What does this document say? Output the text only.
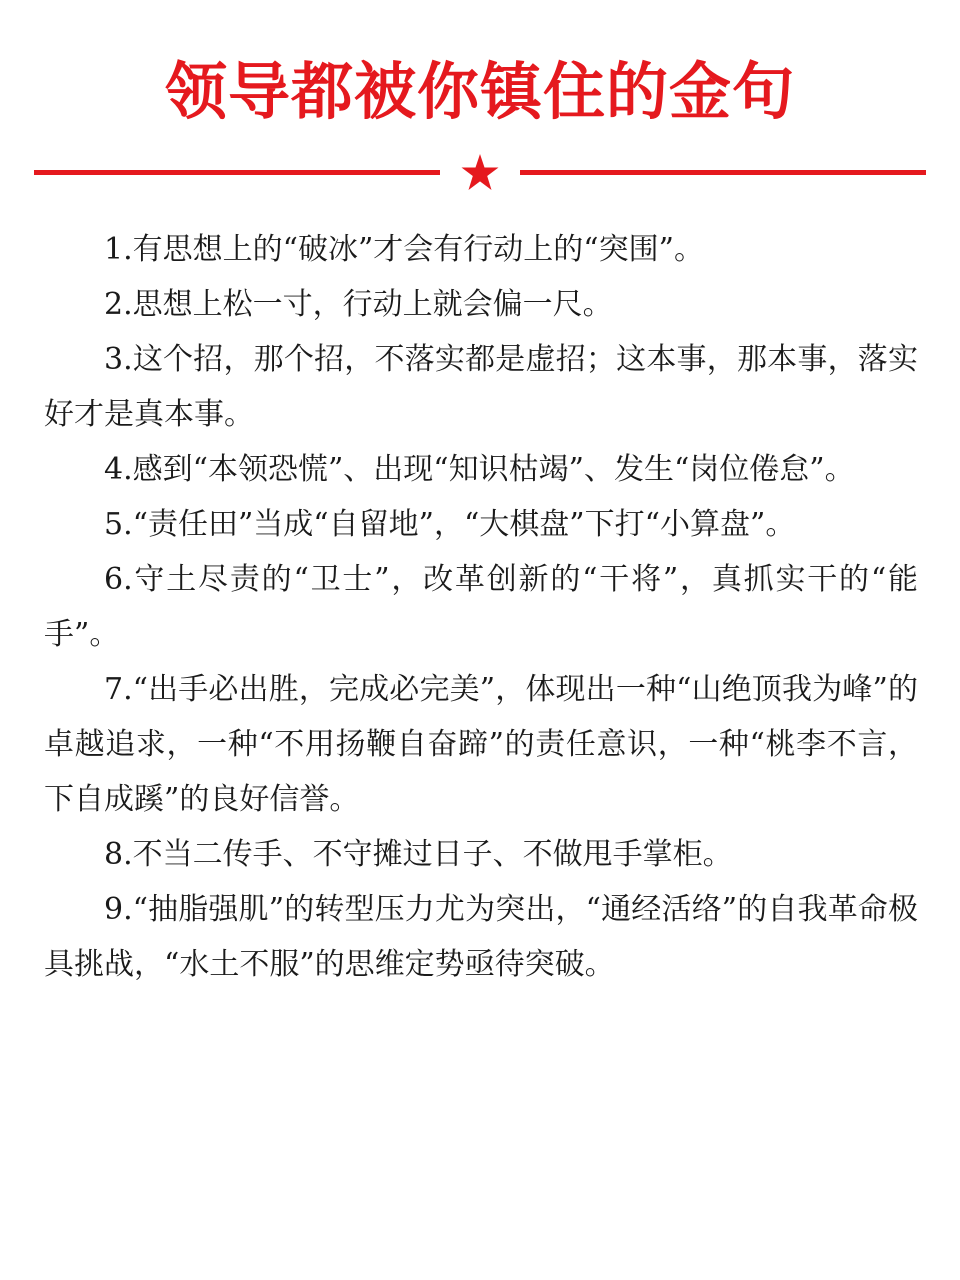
领导都被你镇住的金句

1.有思想上的“破冰”才会有行动上的“突围”。

2.思想上松一寸，行动上就会偏一尺。

3.这个招，那个招，不落实都是虚招；这本事，那本事，落实好才是真本事。

4.感到“本领恐慌”、出现“知识枯竭”、发生“岗位倦怠”。

5.“责任田”当成“自留地”，“大棋盘”下打“小算盘”。

6.守土尽责的“卫士”，改革创新的“干将”，真抓实干的“能手”。

7.“出手必出胜，完成必完美”，体现出一种“山绝顶我为峰”的卓越追求，一种“不用扬鞭自奋蹄”的责任意识，一种“桃李不言，下自成蹊”的良好信誉。

8.不当二传手、不守摊过日子、不做甩手掌柜。

9.“抽脂强肌”的转型压力尤为突出，“通经活络”的自我革命极具挑战，“水土不服”的思维定势亟待突破。
